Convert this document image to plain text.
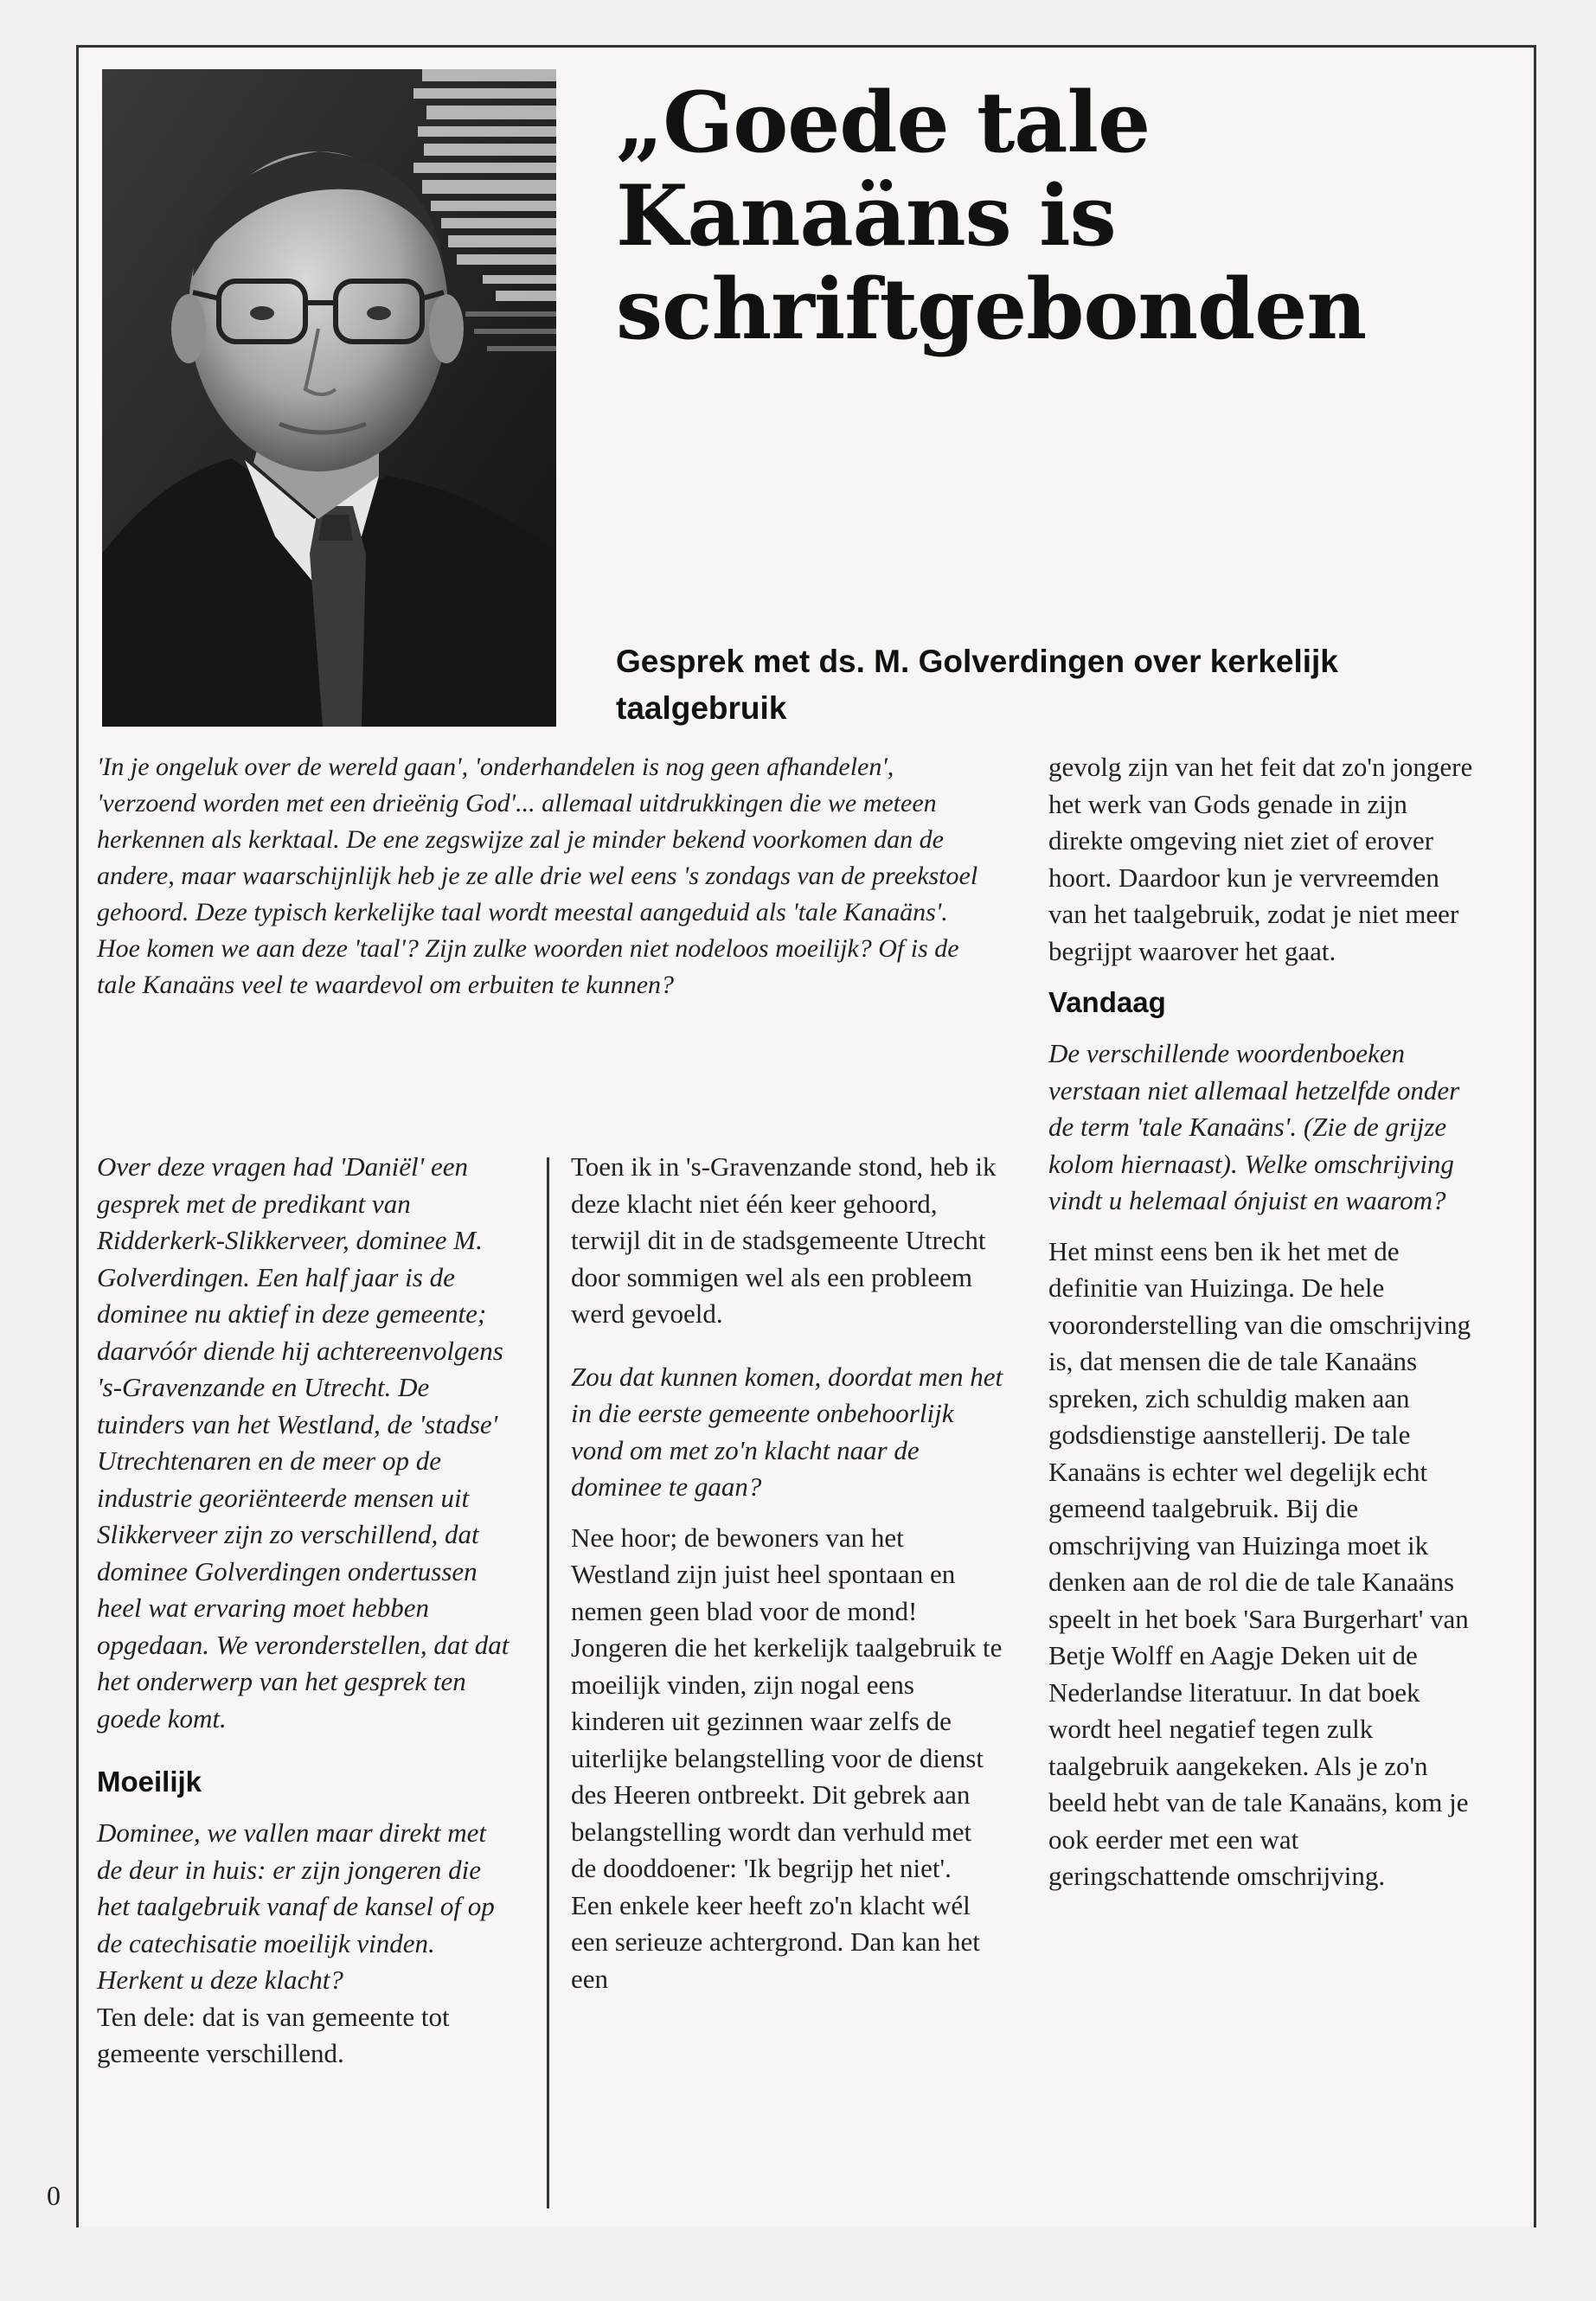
„Goede tale Kanaäns is schriftgebonden
Gesprek met ds. M. Golverdingen over kerkelijk taalgebruik

'In je ongeluk over de wereld gaan', 'onderhandelen is nog geen afhandelen', 'verzoend worden met een drieënig God'... allemaal uitdrukkingen die we meteen herkennen als kerktaal. De ene zegswijze zal je minder bekend voorkomen dan de andere, maar waarschijnlijk heb je ze alle drie wel eens 's zondags van de preekstoel gehoord. Deze typisch kerkelijke taal wordt meestal aangeduid als 'tale Kanaäns'. Hoe komen we aan deze 'taal'? Zijn zulke woorden niet nodeloos moeilijk? Of is de tale Kanaäns veel te waardevol om erbuiten te kunnen?

Over deze vragen had 'Daniël' een gesprek met de predikant van Ridderkerk-Slikkerveer, dominee M. Golverdingen. Een half jaar is de dominee nu aktief in deze gemeente; daarvóór diende hij achtereenvolgens 's-Gravenzande en Utrecht. De tuinders van het Westland, de 'stadse' Utrechtenaren en de meer op de industrie georiënteerde mensen uit Slikkerveer zijn zo verschillend, dat dominee Golverdingen ondertussen heel wat ervaring moet hebben opgedaan. We veronderstellen, dat dat het onderwerp van het gesprek ten goede komt.

Moeilijk

Dominee, we vallen maar direkt met de deur in huis: er zijn jongeren die het taalgebruik vanaf de kansel of op de catechisatie moeilijk vinden. Herkent u deze klacht?

Ten dele: dat is van gemeente tot gemeente verschillend.

Toen ik in 's-Gravenzande stond, heb ik deze klacht niet één keer gehoord, terwijl dit in de stadsgemeente Utrecht door sommigen wel als een probleem werd gevoeld.

Zou dat kunnen komen, doordat men het in die eerste gemeente onbehoorlijk vond om met zo'n klacht naar de dominee te gaan?

Nee hoor; de bewoners van het Westland zijn juist heel spontaan en nemen geen blad voor de mond!

Jongeren die het kerkelijk taalgebruik te moeilijk vinden, zijn nogal eens kinderen uit gezinnen waar zelfs de uiterlijke belangstelling voor de dienst des Heeren ontbreekt. Dit gebrek aan belangstelling wordt dan verhuld met de dooddoener: 'Ik begrijp het niet'.

Een enkele keer heeft zo'n klacht wél een serieuze achtergrond. Dan kan het een

gevolg zijn van het feit dat zo'n jongere het werk van Gods genade in zijn direkte omgeving niet ziet of erover hoort. Daardoor kun je vervreemden van het taalgebruik, zodat je niet meer begrijpt waarover het gaat.

Vandaag

De verschillende woordenboeken verstaan niet allemaal hetzelfde onder de term 'tale Kanaäns'. (Zie de grijze kolom hiernaast). Welke omschrijving vindt u helemaal ónjuist en waarom?

Het minst eens ben ik het met de definitie van Huizinga. De hele vooronderstelling van die omschrijving is, dat mensen die de tale Kanaäns spreken, zich schuldig maken aan godsdienstige aanstellerij. De tale Kanaäns is echter wel degelijk echt gemeend taalgebruik. Bij die omschrijving van Huizinga moet ik denken aan de rol die de tale Kanaäns speelt in het boek 'Sara Burgerhart' van Betje Wolff en Aagje Deken uit de Nederlandse literatuur. In dat boek wordt heel negatief tegen zulk taalgebruik aangekeken. Als je zo'n beeld hebt van de tale Kanaäns, kom je ook eerder met een wat geringschattende omschrijving.

0
